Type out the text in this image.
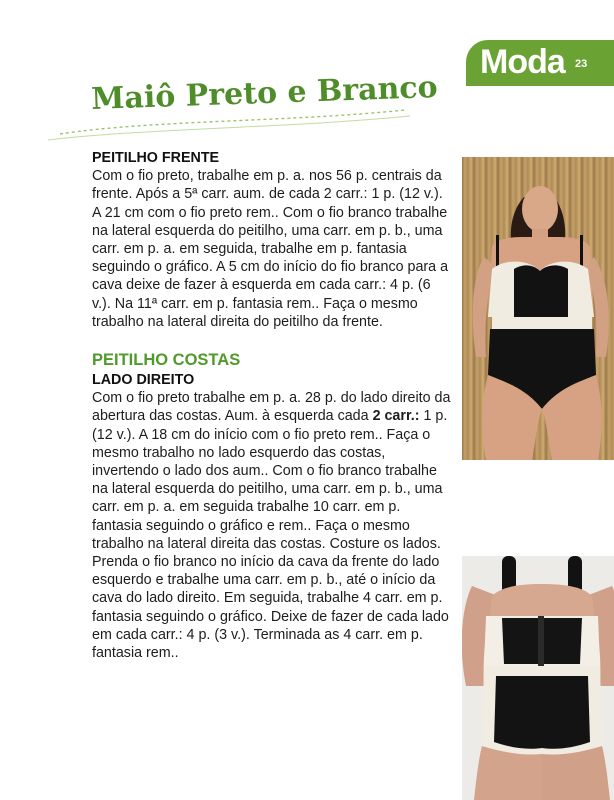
Moda 23
Maiô Preto e Branco

PEITILHO FRENTE

Com o fio preto, trabalhe em p. a. nos 56 p. centrais da frente. Após a 5ª carr. aum. de cada 2 carr.: 1 p. (12 v.). A 21 cm com o fio preto rem.. Com o fio branco trabalhe na lateral esquerda do peitilho, uma carr. em p. b., uma carr. em p. a. em seguida, trabalhe em p. fantasia seguindo o gráfico. A 5 cm do início do fio branco para a cava deixe de fazer à esquerda em cada carr.: 4 p. (6 v.). Na 11ª carr. em p. fantasia rem.. Faça o mesmo trabalho na lateral direita do peitilho da frente.

PEITILHO COSTAS

LADO DIREITO

Com o fio preto trabalhe em p. a. 28 p. do lado direito da abertura das costas. Aum. à esquerda cada 2 carr.: 1 p. (12 v.). A 18 cm do início com o fio preto rem.. Faça o mesmo trabalho no lado esquerdo das costas, invertendo o lado dos aum.. Com o fio branco trabalhe na lateral esquerda do peitilho, uma carr. em p. b., uma carr. em p. a. em seguida trabalhe 10 carr. em p. fantasia seguindo o gráfico e rem.. Faça o mesmo trabalho na lateral direita das costas. Costure os lados. Prenda o fio branco no início da cava da frente do lado esquerdo e trabalhe uma carr. em p. b., até o início da cava do lado direito. Em seguida, trabalhe 4 carr. em p. fantasia seguindo o gráfico. Deixe de fazer de cada lado em cada carr.: 4 p. (3 v.). Terminada as 4 carr. em p. fantasia rem..
